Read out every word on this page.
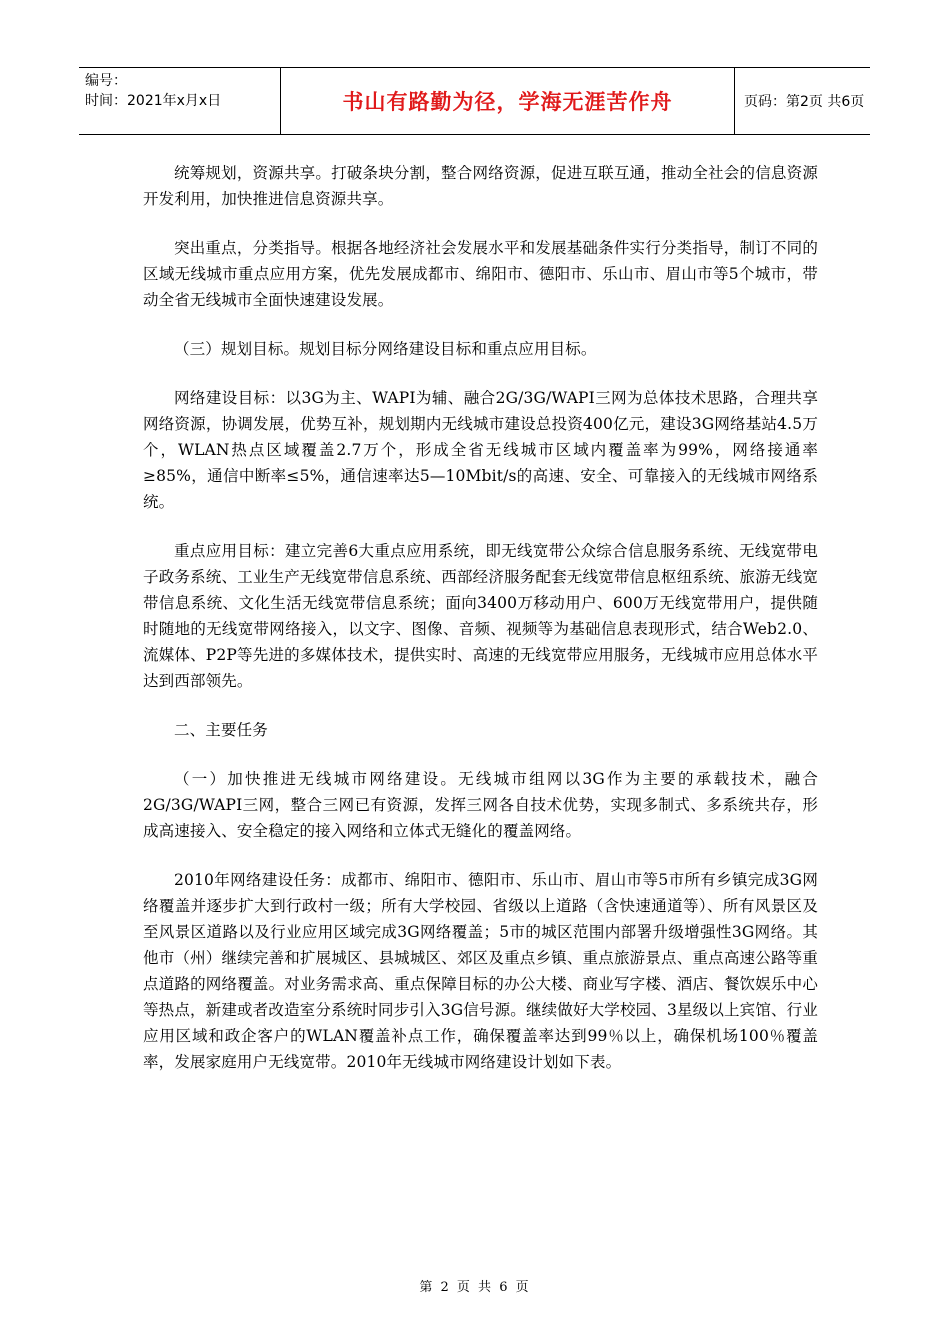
编号：
时间：2021年x月x日	书山有路勤为径，学海无涯苦作舟	页码：第2页 共6页

统筹规划，资源共享。打破条块分割，整合网络资源，促进互联互通，推动全社会的信息资源开发利用，加快推进信息资源共享。

突出重点，分类指导。根据各地经济社会发展水平和发展基础条件实行分类指导，制订不同的区域无线城市重点应用方案，优先发展成都市、绵阳市、德阳市、乐山市、眉山市等5个城市，带动全省无线城市全面快速建设发展。

（三）规划目标。规划目标分网络建设目标和重点应用目标。

网络建设目标：以3G为主、WAPI为辅、融合2G/3G/WAPI三网为总体技术思路，合理共享网络资源，协调发展，优势互补，规划期内无线城市建设总投资400亿元，建设3G网络基站4.5万个，WLAN热点区域覆盖2.7万个，形成全省无线城市区域内覆盖率为99%，网络接通率≥85%，通信中断率≤5%，通信速率达5—10Mbit/s的高速、安全、可靠接入的无线城市网络系统。

重点应用目标：建立完善6大重点应用系统，即无线宽带公众综合信息服务系统、无线宽带电子政务系统、工业生产无线宽带信息系统、西部经济服务配套无线宽带信息枢纽系统、旅游无线宽带信息系统、文化生活无线宽带信息系统；面向3400万移动用户、600万无线宽带用户，提供随时随地的无线宽带网络接入，以文字、图像、音频、视频等为基础信息表现形式，结合Web2.0、流媒体、P2P等先进的多媒体技术，提供实时、高速的无线宽带应用服务，无线城市应用总体水平达到西部领先。

二、主要任务

（一）加快推进无线城市网络建设。无线城市组网以3G作为主要的承载技术，融合2G/3G/WAPI三网，整合三网已有资源，发挥三网各自技术优势，实现多制式、多系统共存，形成高速接入、安全稳定的接入网络和立体式无缝化的覆盖网络。

2010年网络建设任务：成都市、绵阳市、德阳市、乐山市、眉山市等5市所有乡镇完成3G网络覆盖并逐步扩大到行政村一级；所有大学校园、省级以上道路（含快速通道等）、所有风景区及至风景区道路以及行业应用区域完成3G网络覆盖；5市的城区范围内部署升级增强性3G网络。其他市（州）继续完善和扩展城区、县城城区、郊区及重点乡镇、重点旅游景点、重点高速公路等重点道路的网络覆盖。对业务需求高、重点保障目标的办公大楼、商业写字楼、酒店、餐饮娱乐中心等热点，新建或者改造室分系统时同步引入3G信号源。继续做好大学校园、3星级以上宾馆、行业应用区域和政企客户的WLAN覆盖补点工作，确保覆盖率达到99％以上，确保机场100％覆盖率，发展家庭用户无线宽带。2010年无线城市网络建设计划如下表。

第 2 页 共 6 页
